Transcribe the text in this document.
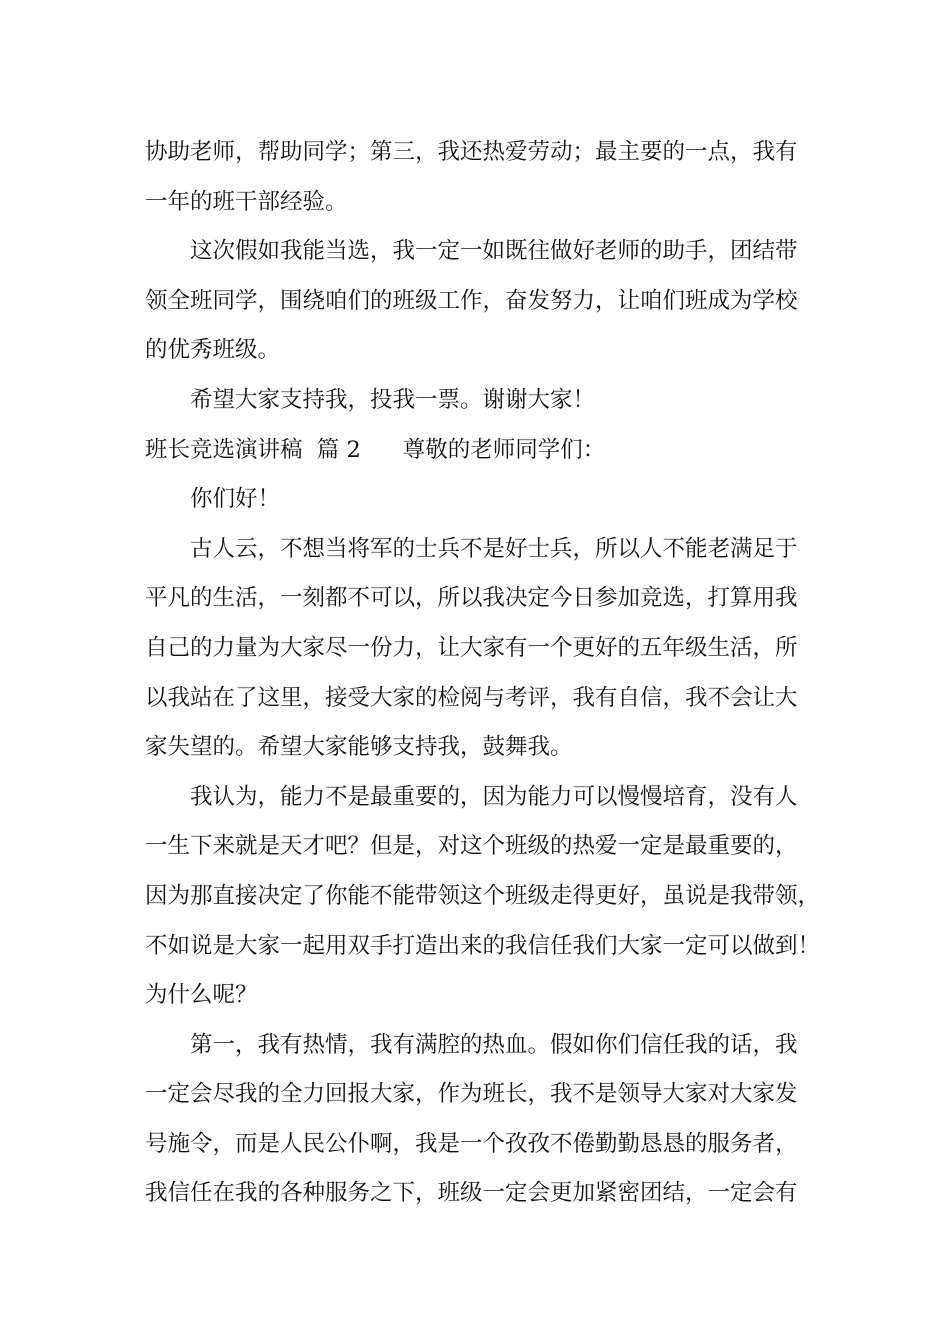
协助老师，帮助同学；第三，我还热爱劳动；最主要的一点，我有
一年的班干部经验。
这次假如我能当选，我一定一如既往做好老师的助手，团结带
领全班同学，围绕咱们的班级工作，奋发努力，让咱们班成为学校
的优秀班级。
希望大家支持我，投我一票。谢谢大家！
班长竞选演讲稿  篇 2 尊敬的老师同学们：
你们好！
古人云，不想当将军的士兵不是好士兵，所以人不能老满足于
平凡的生活，一刻都不可以，所以我决定今日参加竞选，打算用我
自己的力量为大家尽一份力，让大家有一个更好的五年级生活，所
以我站在了这里，接受大家的检阅与考评，我有自信，我不会让大
家失望的。希望大家能够支持我，鼓舞我。
我认为，能力不是最重要的，因为能力可以慢慢培育，没有人
一生下来就是天才吧？但是，对这个班级的热爱一定是最重要的，
因为那直接决定了你能不能带领这个班级走得更好，虽说是我带领，
不如说是大家一起用双手打造出来的我信任我们大家一定可以做到！
为什么呢？
第一，我有热情，我有满腔的热血。假如你们信任我的话，我
一定会尽我的全力回报大家，作为班长，我不是领导大家对大家发
号施令，而是人民公仆啊，我是一个孜孜不倦勤勤恳恳的服务者，
我信任在我的各种服务之下，班级一定会更加紧密团结，一定会有
